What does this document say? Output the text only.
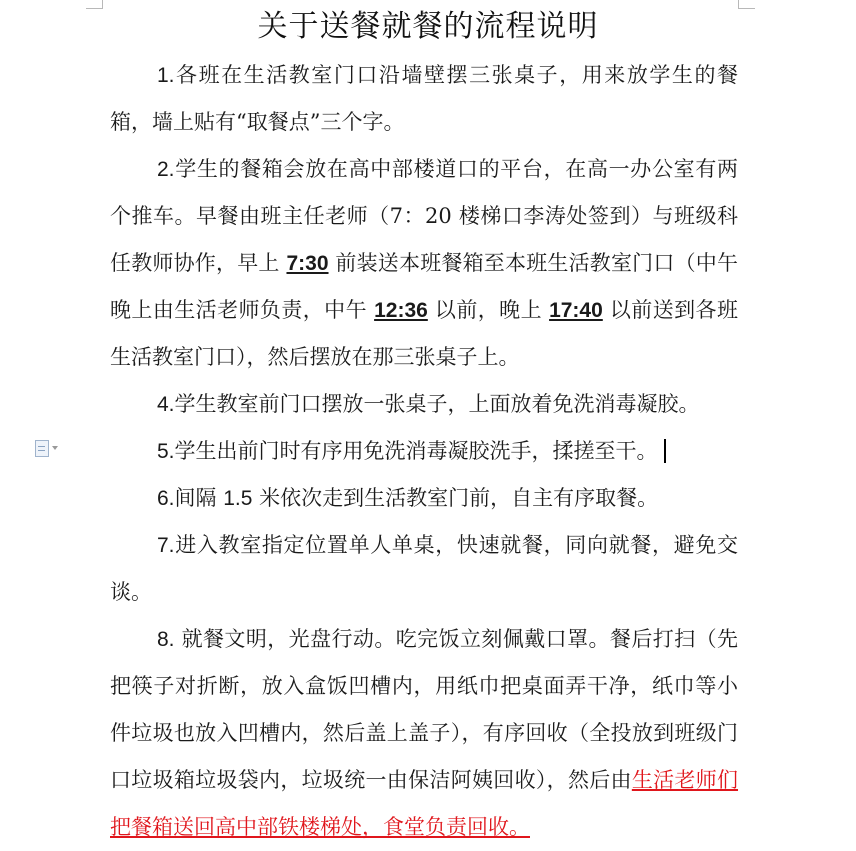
关于送餐就餐的流程说明

1.各班在生活教室门口沿墙壁摆三张桌子，用来放学生的餐箱，墙上贴有“取餐点”三个字。

2.学生的餐箱会放在高中部楼道口的平台，在高一办公室有两个推车。早餐由班主任老师（7：20 楼梯口李涛处签到）与班级科任教师协作，早上 7:30 前装送本班餐箱至本班生活教室门口（中午晚上由生活老师负责，中午 12:36 以前，晚上 17:40 以前送到各班生活教室门口），然后摆放在那三张桌子上。

4.学生教室前门口摆放一张桌子，上面放着免洗消毒凝胶。

5.学生出前门时有序用免洗消毒凝胶洗手，揉搓至干。

6.间隔 1.5 米依次走到生活教室门前，自主有序取餐。

7.进入教室指定位置单人单桌，快速就餐，同向就餐，避免交谈。

8. 就餐文明，光盘行动。吃完饭立刻佩戴口罩。餐后打扫（先把筷子对折断，放入盒饭凹槽内，用纸巾把桌面弄干净，纸巾等小件垃圾也放入凹槽内，然后盖上盖子），有序回收（全投放到班级门口垃圾箱垃圾袋内，垃圾统一由保洁阿姨回收），然后由生活老师们把餐箱送回高中部铁楼梯处，食堂负责回收。
